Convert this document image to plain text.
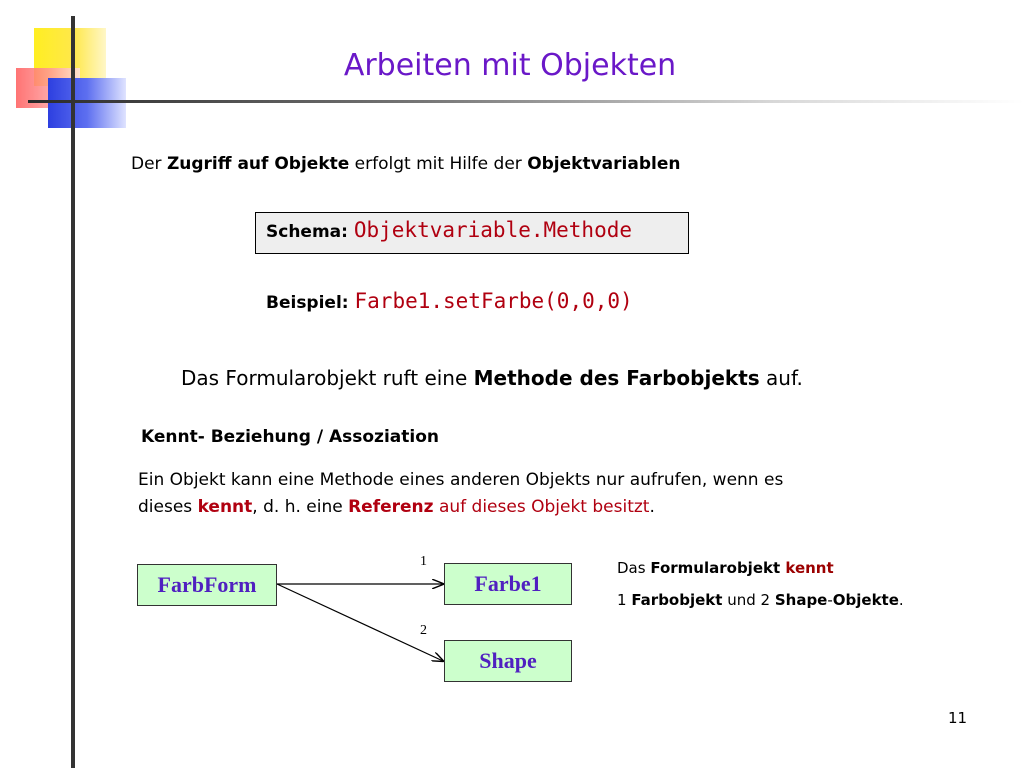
Arbeiten mit Objekten
Der Zugriff auf Objekte erfolgt mit Hilfe der Objektvariablen
Schema: Objektvariable.Methode
Beispiel: Farbe1.setFarbe(0,0,0)
Das Formularobjekt ruft eine Methode des Farbobjekts auf.
Kennt- Beziehung / Assoziation
Ein Objekt kann eine Methode eines anderen Objekts nur aufrufen, wenn es
dieses kennt, d. h. eine Referenz auf dieses Objekt besitzt.
FarbForm	Farbe1
Shape
1
2
Das Formularobjekt kennt
1 Farbobjekt und 2 Shape-Objekte.
11
